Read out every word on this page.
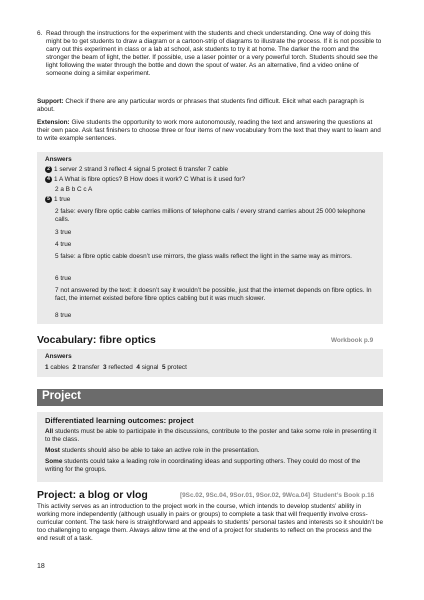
6. Read through the instructions for the experiment with the students and check understanding. One way of doing this might be to get students to draw a diagram or a cartoon-strip of diagrams to illustrate the process. If it is not possible to carry out this experiment in class or a lab at school, ask students to try it at home. The darker the room and the stronger the beam of light, the better. If possible, use a laser pointer or a very powerful torch. Students should see the light following the water through the bottle and down the spout of water. As an alternative, find a video online of someone doing a similar experiment.

Support: Check if there are any particular words or phrases that students find difficult. Elicit what each paragraph is about.

Extension: Give students the opportunity to work more autonomously, reading the text and answering the questions at their own pace. Ask fast finishers to choose three or four items of new vocabulary from the text that they want to learn and to write example sentences.

Answers
2 1 server 2 strand 3 reflect 4 signal 5 protect 6 transfer 7 cable
4 1 A What is fibre optics? B How does it work? C What is it used for?
2 a B b C c A
5 1 true
2 false: every fibre optic cable carries millions of telephone calls / every strand carries about 25 000 telephone calls.
3 true
4 true
5 false: a fibre optic cable doesn’t use mirrors, the glass walls reflect the light in the same way as mirrors.
6 true
7 not answered by the text: it doesn’t say it wouldn’t be possible, just that the internet depends on fibre optics. In fact, the internet existed before fibre optics cabling but it was much slower.
8 true
Vocabulary: fibre optics	Workbook p.9
Answers
1 cables 2 transfer 3 reflected 4 signal 5 protect
Project
Differentiated learning outcomes: project

All students must be able to participate in the discussions, contribute to the poster and take some role in presenting it to the class.

Most students should also be able to take an active role in the presentation.

Some students could take a leading role in coordinating ideas and supporting others. They could do most of the writing for the groups.

Project: a blog or vlog	[9Sc.02, 9Sc.04, 9Sor.01, 9Sor.02, 9Wca.04] Student’s Book p.16

This activity serves as an introduction to the project work in the course, which intends to develop students’ ability in working more independently (although usually in pairs or groups) to complete a task that will frequently involve cross-curricular content. The task here is straightforward and appeals to students’ personal tastes and interests so it shouldn’t be too challenging to engage them. Always allow time at the end of a project for students to reflect on the process and the end result of a task.

18
